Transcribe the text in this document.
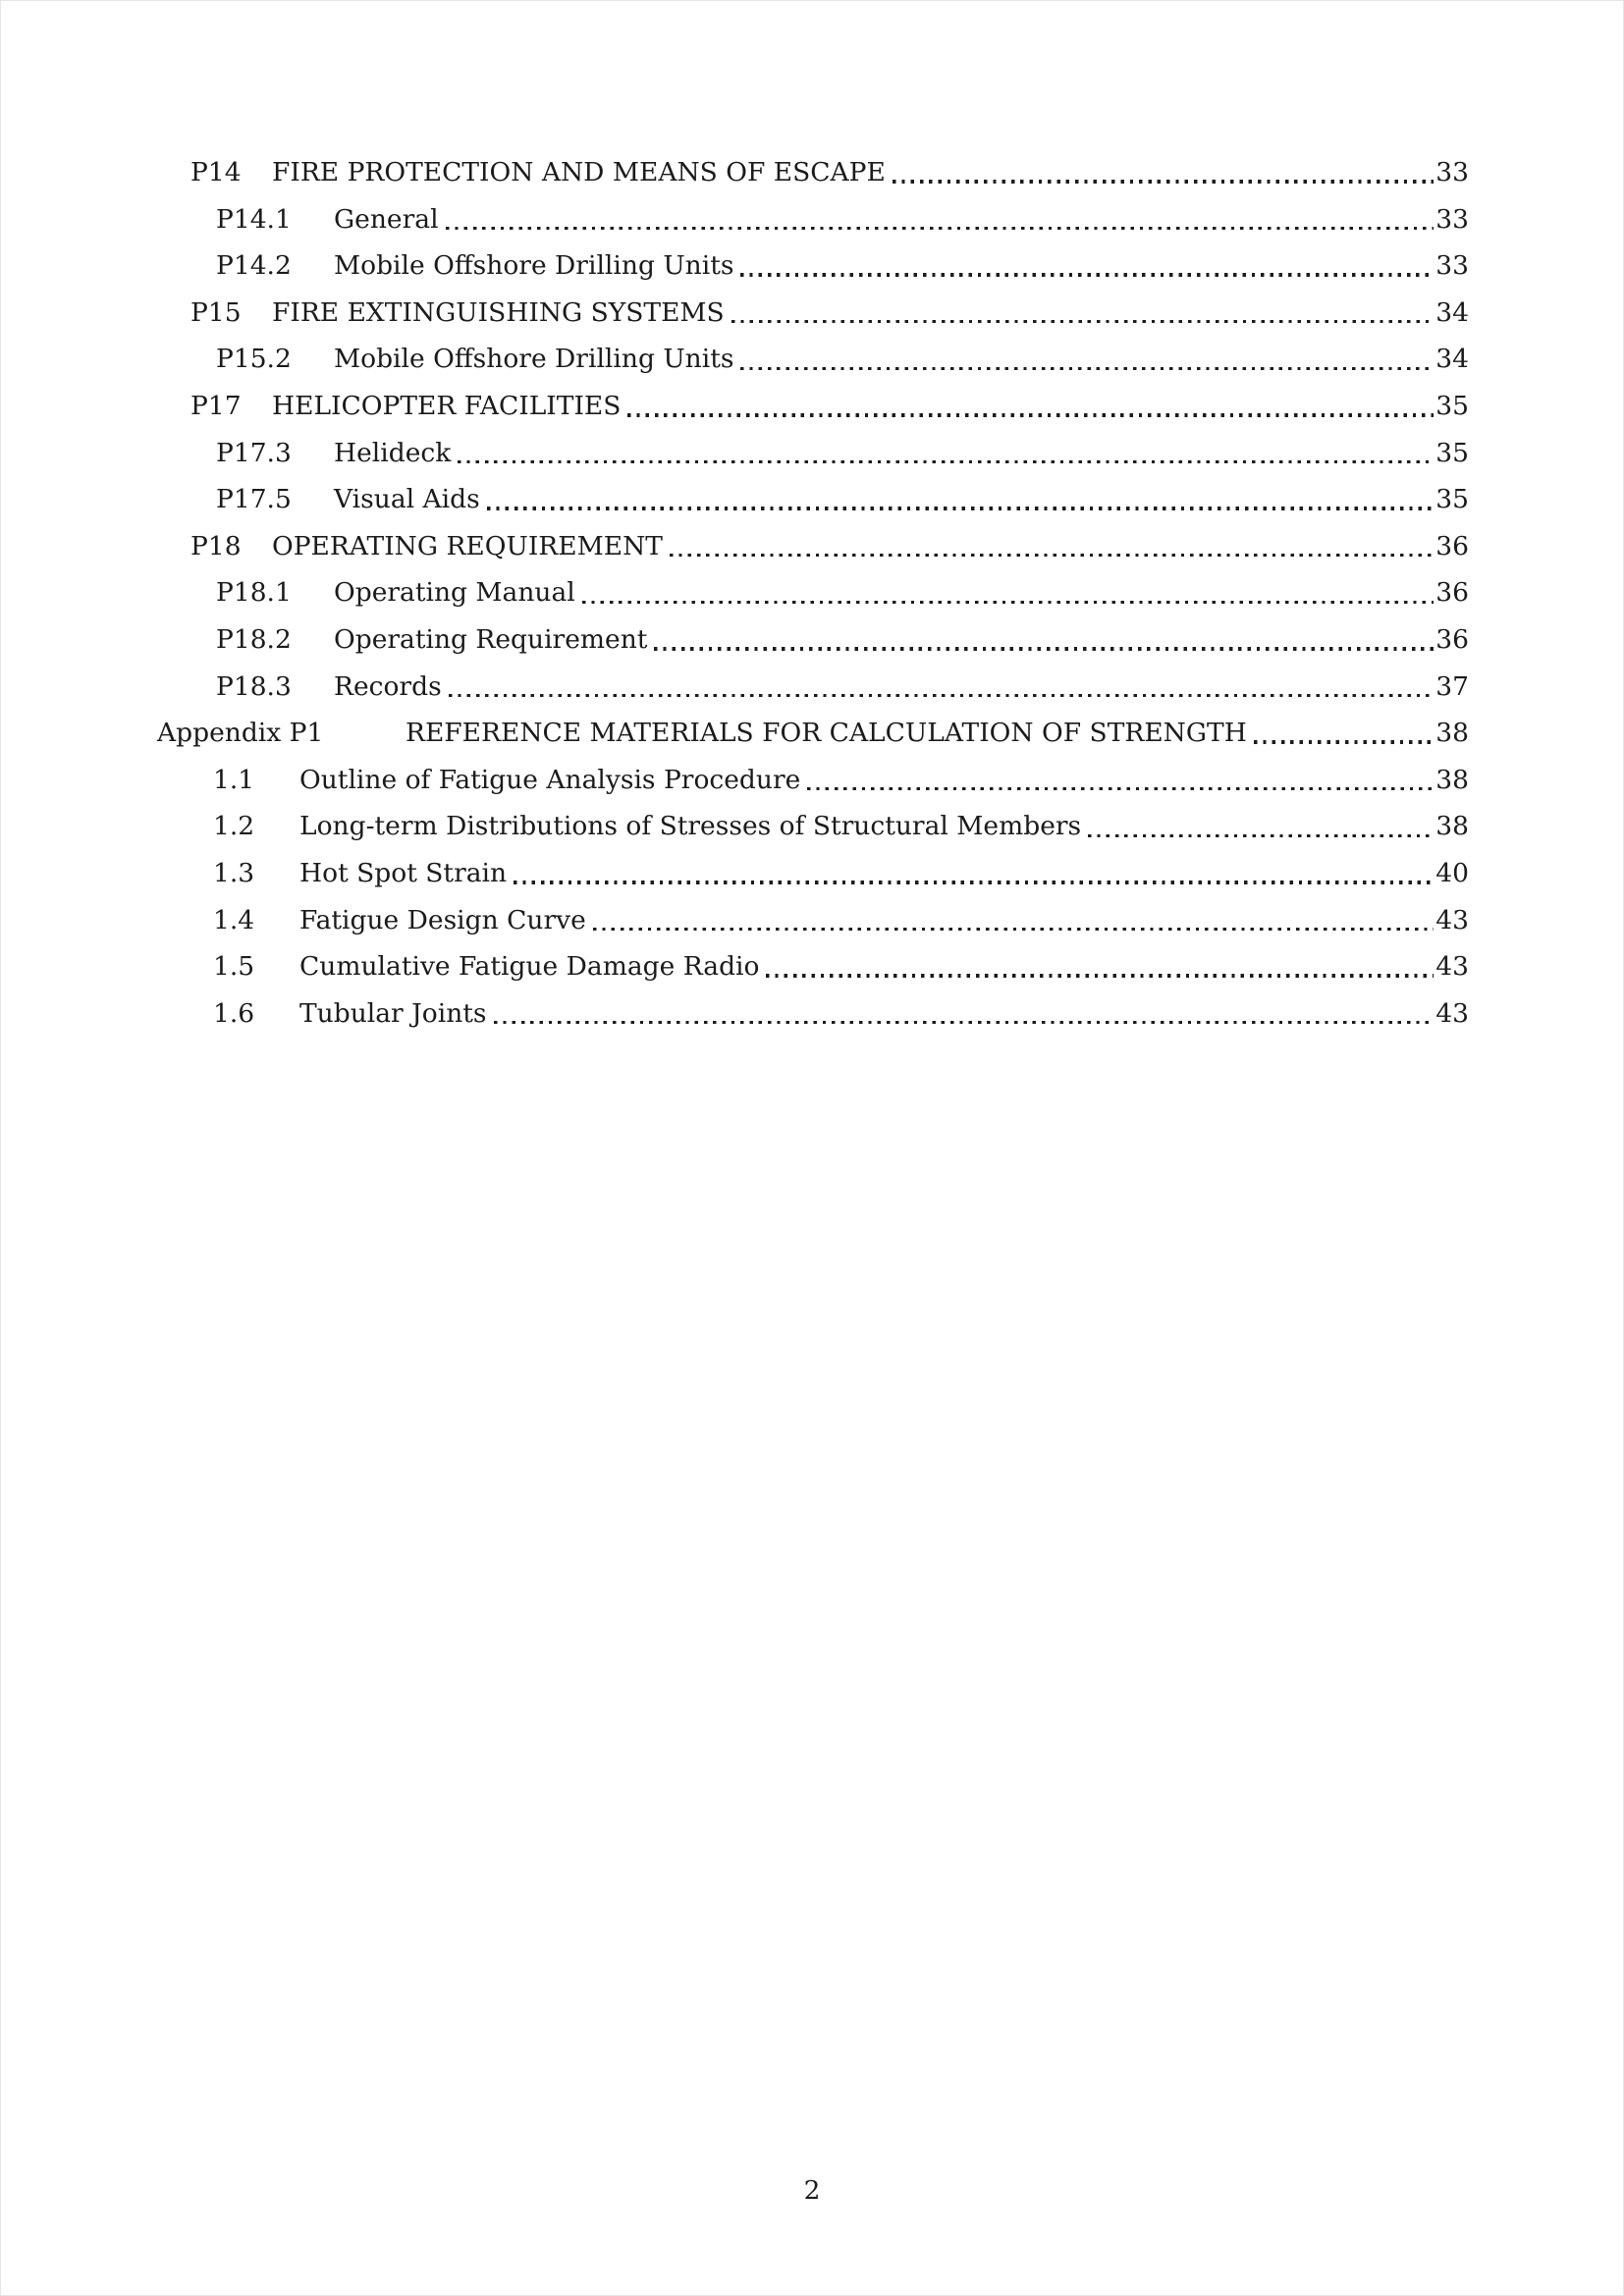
P14	FIRE PROTECTION AND MEANS OF ESCAPE	33
P14.1	General	33
P14.2	Mobile Offshore Drilling Units	33
P15	FIRE EXTINGUISHING SYSTEMS	34
P15.2	Mobile Offshore Drilling Units	34
P17	HELICOPTER FACILITIES	35
P17.3	Helideck	35
P17.5	Visual Aids	35
P18	OPERATING REQUIREMENT	36
P18.1	Operating Manual	36
P18.2	Operating Requirement	36
P18.3	Records	37
Appendix P1	REFERENCE MATERIALS FOR CALCULATION OF STRENGTH	38
1.1	Outline of Fatigue Analysis Procedure	38
1.2	Long-term Distributions of Stresses of Structural Members	38
1.3	Hot Spot Strain	40
1.4	Fatigue Design Curve	43
1.5	Cumulative Fatigue Damage Radio	43
1.6	Tubular Joints	43
2
